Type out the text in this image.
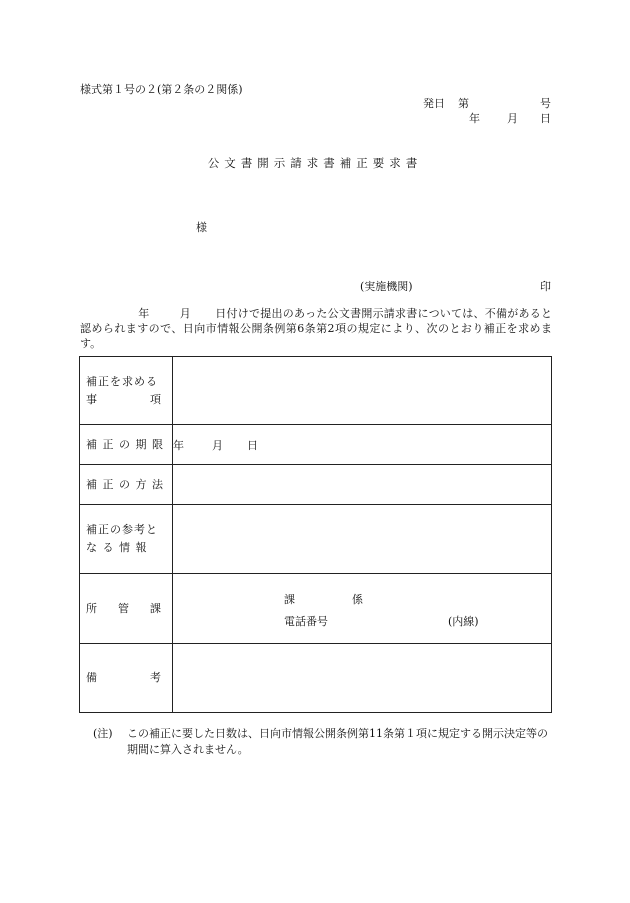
様式第１号の２(第２条の２関係)
発日 第	号
年 月 日
公文書開示請求書補正要求書
様
(実施機関)	印
年	月 日付けで提出のあった公文書開示請求書については、不備があると認められますので、日向市情報公開条例第6条第2項の規定により、次のとおり補正を求めます。
補正を求める
事 項	

補 正 の 期 限	年 月 日
補 正 の 方 法	

補正の参考と
な る 情 報	

所 管 課	課 係
電話番号 (内線)

備 考	

(注) この補正に要した日数は、日向市情報公開条例第11条第１項に規定する開示決定等の期間に算入されません。
